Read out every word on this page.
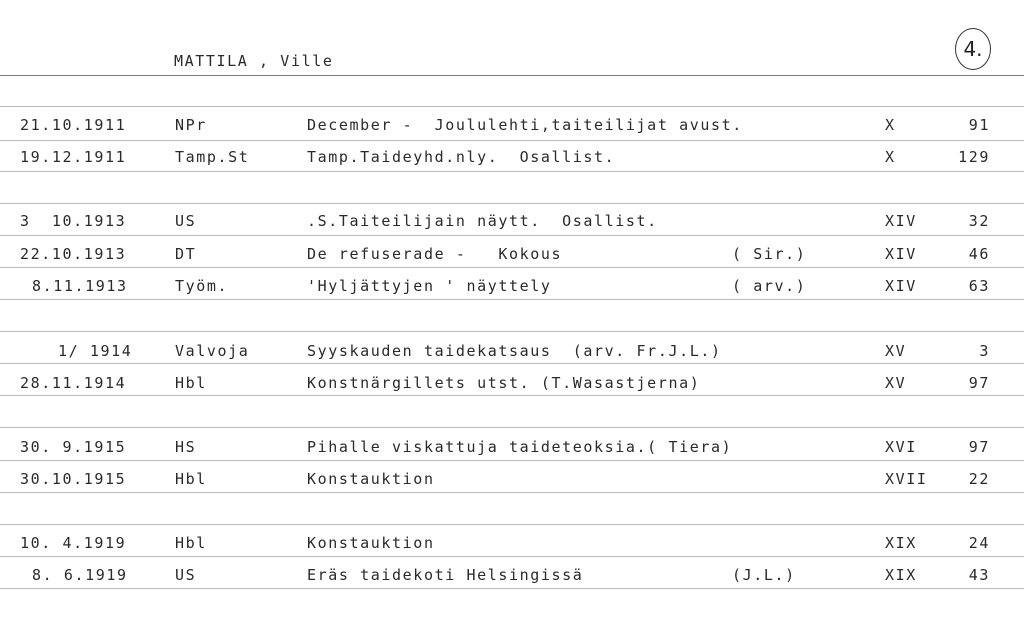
MATTILA , Ville	4.
21.10.1911	NPr	December -  Joululehti,taiteilijat avust.	X	91
19.12.1911	Tamp.St	Tamp.Taideyhd.nly.  Osallist.	X	129
3  10.1913	US	.S.Taiteilijain näytt.  Osallist.	XIV	32
22.10.1913	DT	De refuserade -   Kokous	( Sir.)	XIV	46
8.11.1913	Työm.	'Hyljättyjen ' näyttely	( arv.)	XIV	63
1/ 1914	Valvoja	Syyskauden taidekatsaus  (arv. Fr.J.L.)	XV	3
28.11.1914	Hbl	Konstnärgillets utst. (T.Wasastjerna)	XV	97
30. 9.1915	HS	Pihalle viskattuja taideteoksia.( Tiera)	XVI	97
30.10.1915	Hbl	Konstauktion	XVII	22
10. 4.1919	Hbl	Konstauktion	XIX	24
8. 6.1919	US	Eräs taidekoti Helsingissä	(J.L.)	XIX	43
